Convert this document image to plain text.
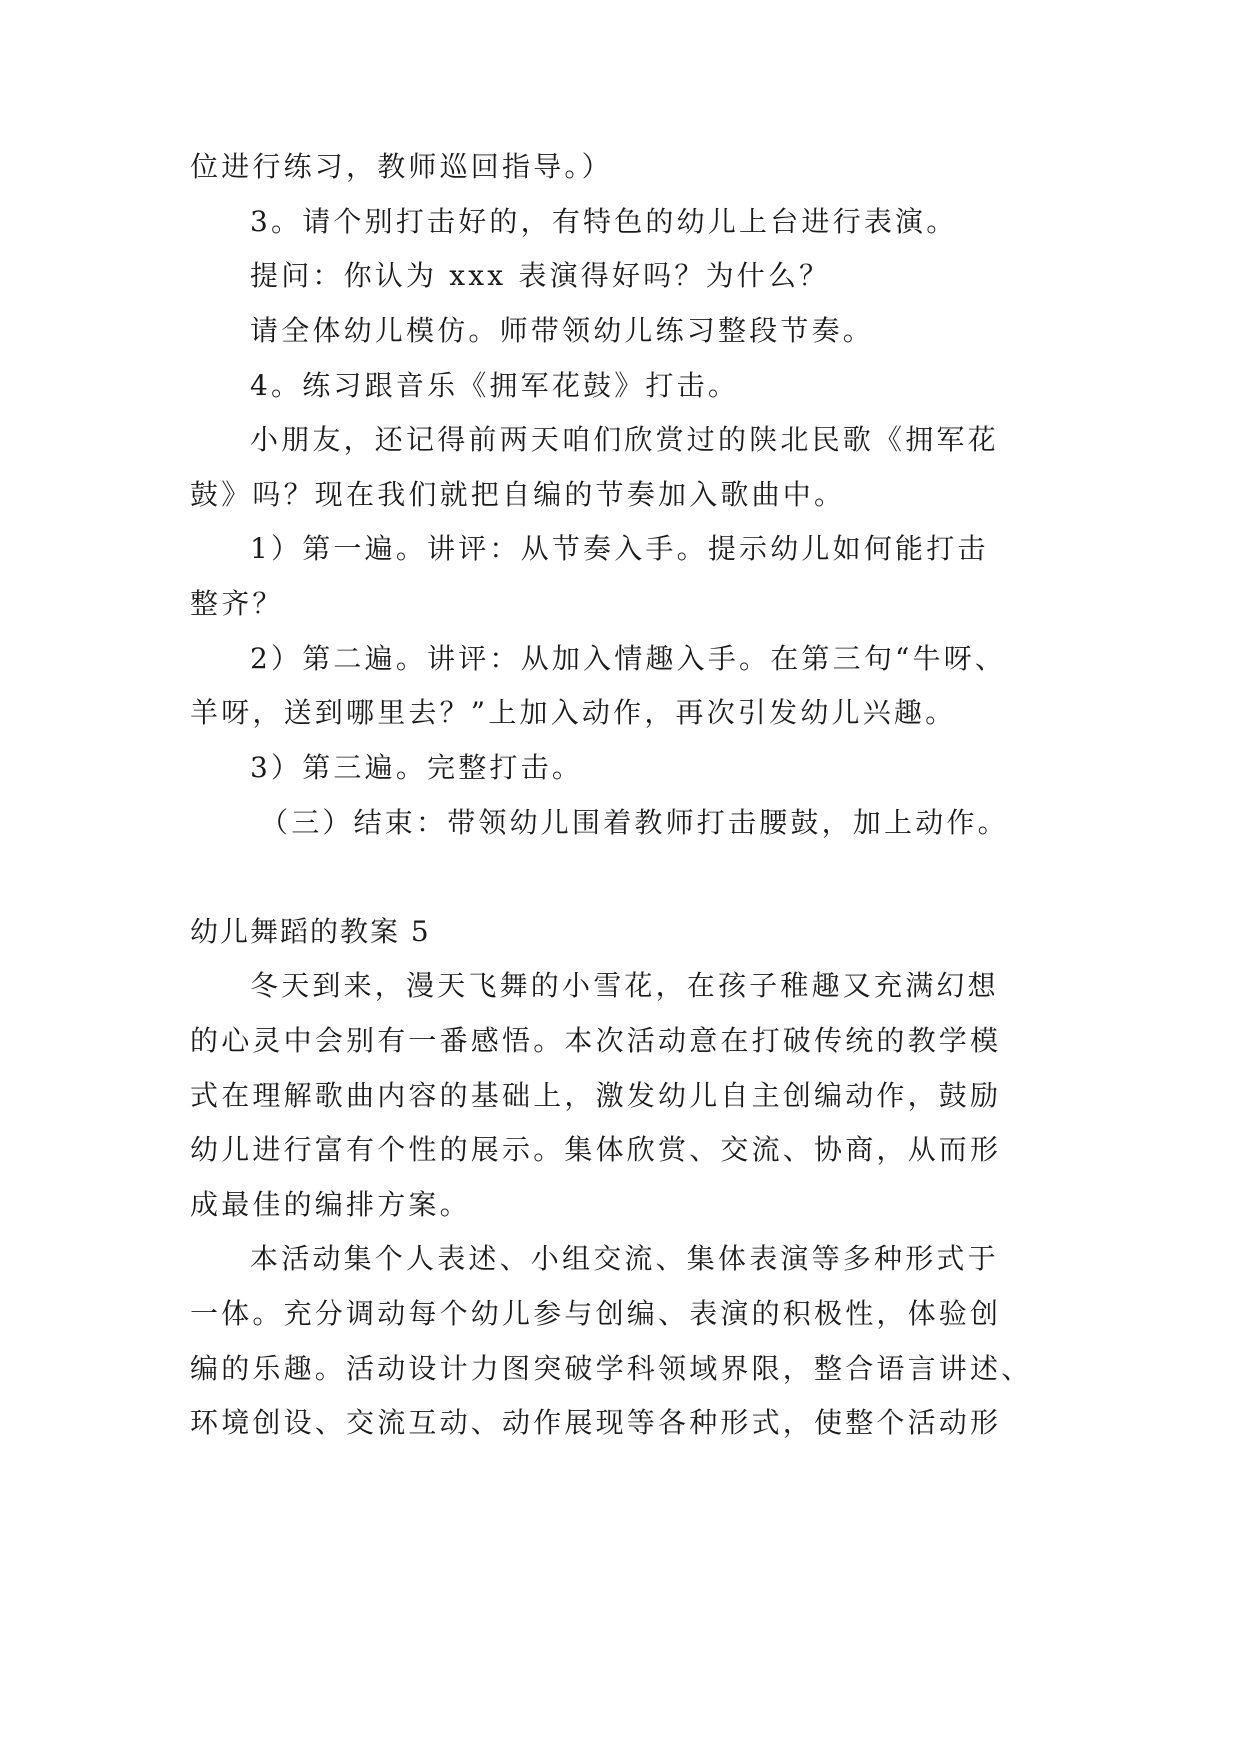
位进行练习，教师巡回指导。）
3。请个别打击好的，有特色的幼儿上台进行表演。
提问：你认为 xxx 表演得好吗？为什么？
请全体幼儿模仿。师带领幼儿练习整段节奏。
4。练习跟音乐《拥军花鼓》打击。
小朋友，还记得前两天咱们欣赏过的陕北民歌《拥军花
鼓》吗？现在我们就把自编的节奏加入歌曲中。
1）第一遍。讲评：从节奏入手。提示幼儿如何能打击
整齐？
2）第二遍。讲评：从加入情趣入手。在第三句“牛呀、
羊呀，送到哪里去？”上加入动作，再次引发幼儿兴趣。
3）第三遍。完整打击。
（三）结束：带领幼儿围着教师打击腰鼓，加上动作。
幼儿舞蹈的教案 5
冬天到来，漫天飞舞的小雪花，在孩子稚趣又充满幻想
的心灵中会别有一番感悟。本次活动意在打破传统的教学模
式在理解歌曲内容的基础上，激发幼儿自主创编动作，鼓励
幼儿进行富有个性的展示。集体欣赏、交流、协商，从而形
成最佳的编排方案。
本活动集个人表述、小组交流、集体表演等多种形式于
一体。充分调动每个幼儿参与创编、表演的积极性，体验创
编的乐趣。活动设计力图突破学科领域界限，整合语言讲述、
环境创设、交流互动、动作展现等各种形式，使整个活动形
